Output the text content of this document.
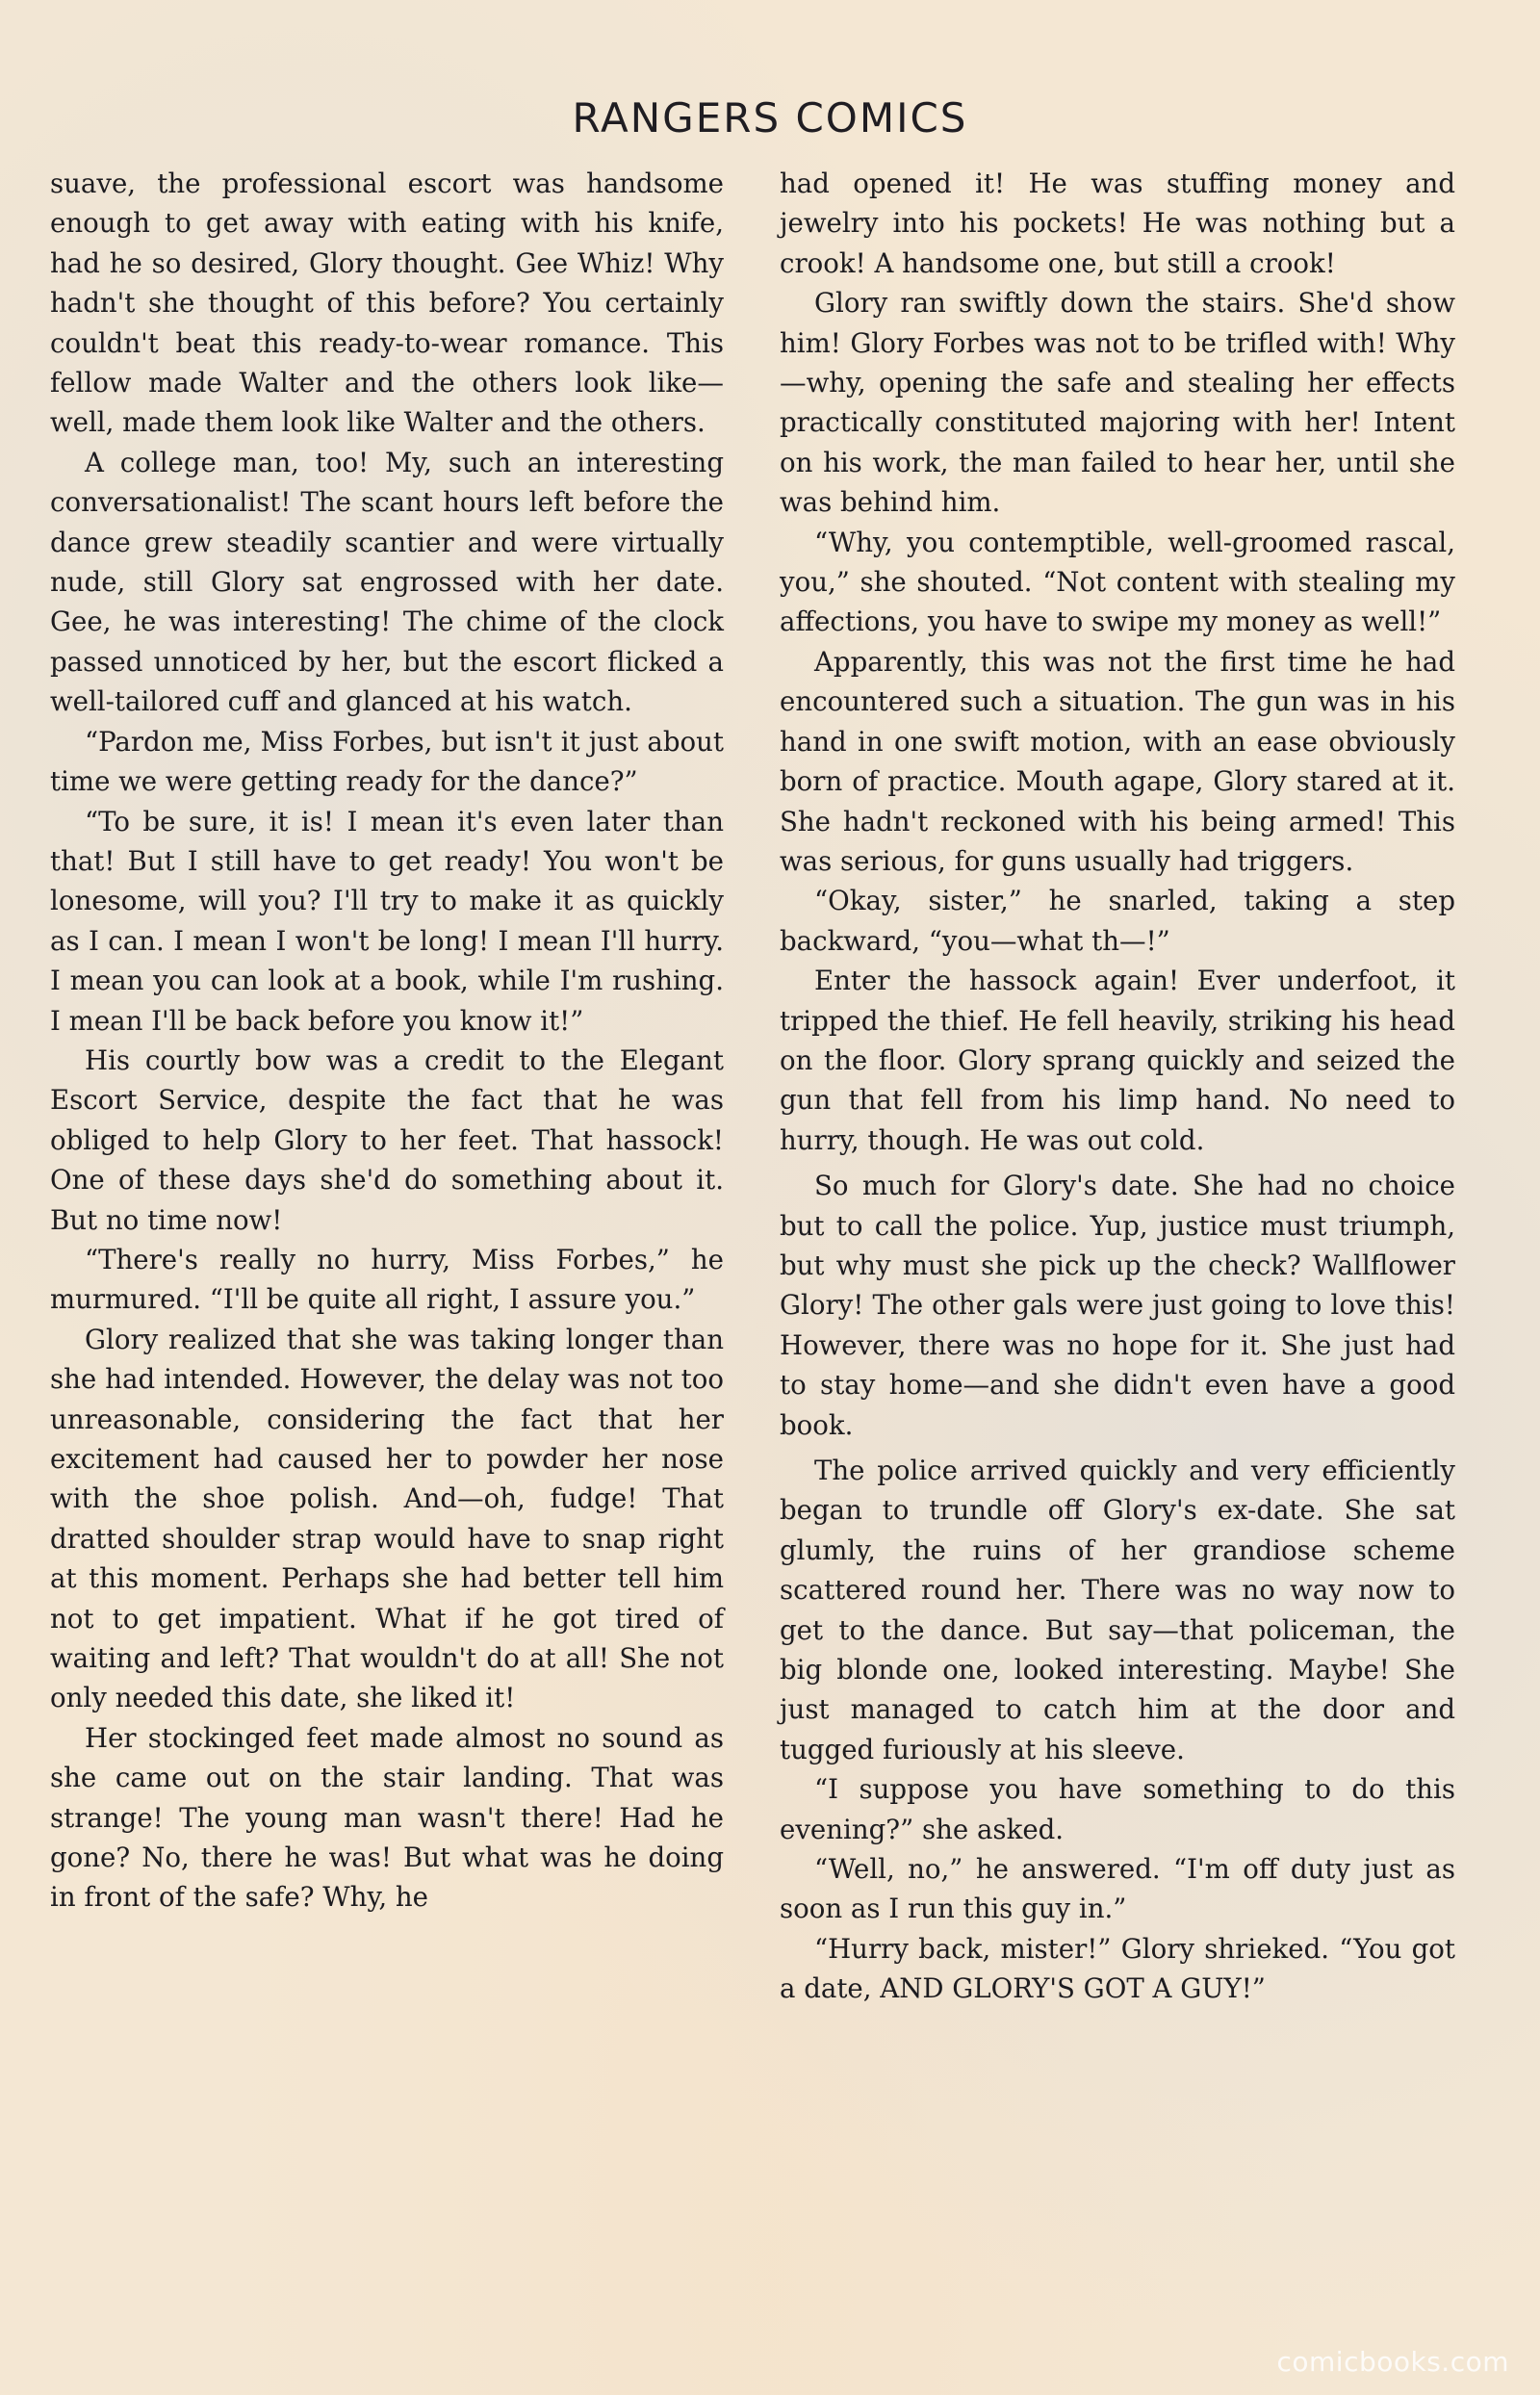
RANGERS COMICS

suave, the professional escort was handsome enough to get away with eating with his knife, had he so desired, Glory thought. Gee Whiz! Why hadn't she thought of this before? You certainly couldn't beat this ready-to-wear romance. This fellow made Walter and the others look like—well, made them look like Walter and the others.

A college man, too! My, such an interesting conversationalist! The scant hours left before the dance grew steadily scantier and were virtually nude, still Glory sat engrossed with her date. Gee, he was interesting! The chime of the clock passed unnoticed by her, but the escort flicked a well-tailored cuff and glanced at his watch.

“Pardon me, Miss Forbes, but isn't it just about time we were getting ready for the dance?”

“To be sure, it is! I mean it's even later than that! But I still have to get ready! You won't be lonesome, will you? I'll try to make it as quickly as I can. I mean I won't be long! I mean I'll hurry. I mean you can look at a book, while I'm rushing. I mean I'll be back before you know it!”

His courtly bow was a credit to the Elegant Escort Service, despite the fact that he was obliged to help Glory to her feet. That hassock! One of these days she'd do something about it. But no time now!

“There's really no hurry, Miss Forbes,” he murmured. “I'll be quite all right, I assure you.”

Glory realized that she was taking longer than she had intended. However, the delay was not too unreasonable, considering the fact that her excitement had caused her to powder her nose with the shoe polish. And—oh, fudge! That dratted shoulder strap would have to snap right at this moment. Perhaps she had better tell him not to get impatient. What if he got tired of waiting and left? That wouldn't do at all! She not only needed this date, she liked it!

Her stockinged feet made almost no sound as she came out on the stair landing. That was strange! The young man wasn't there! Had he gone? No, there he was! But what was he doing in front of the safe? Why, he

had opened it! He was stuffing money and jewelry into his pockets! He was nothing but a crook! A handsome one, but still a crook!

Glory ran swiftly down the stairs. She'd show him! Glory Forbes was not to be trifled with! Why—why, opening the safe and stealing her effects practically constituted majoring with her! Intent on his work, the man failed to hear her, until she was behind him.

“Why, you contemptible, well-groomed rascal, you,” she shouted. “Not content with stealing my affections, you have to swipe my money as well!”

Apparently, this was not the first time he had encountered such a situation. The gun was in his hand in one swift motion, with an ease obviously born of practice. Mouth agape, Glory stared at it. She hadn't reckoned with his being armed! This was serious, for guns usually had triggers.

“Okay, sister,” he snarled, taking a step backward, “you—what th—!”

Enter the hassock again! Ever underfoot, it tripped the thief. He fell heavily, striking his head on the floor. Glory sprang quickly and seized the gun that fell from his limp hand. No need to hurry, though. He was out cold.

So much for Glory's date. She had no choice but to call the police. Yup, justice must triumph, but why must she pick up the check? Wallflower Glory! The other gals were just going to love this! However, there was no hope for it. She just had to stay home—and she didn't even have a good book.

The police arrived quickly and very efficiently began to trundle off Glory's ex-date. She sat glumly, the ruins of her grandiose scheme scattered round her. There was no way now to get to the dance. But say—that policeman, the big blonde one, looked interesting. Maybe! She just managed to catch him at the door and tugged furiously at his sleeve.

“I suppose you have something to do this evening?” she asked.

“Well, no,” he answered. “I'm off duty just as soon as I run this guy in.”

“Hurry back, mister!” Glory shrieked. “You got a date, AND GLORY'S GOT A GUY!”

comicbooks.com
